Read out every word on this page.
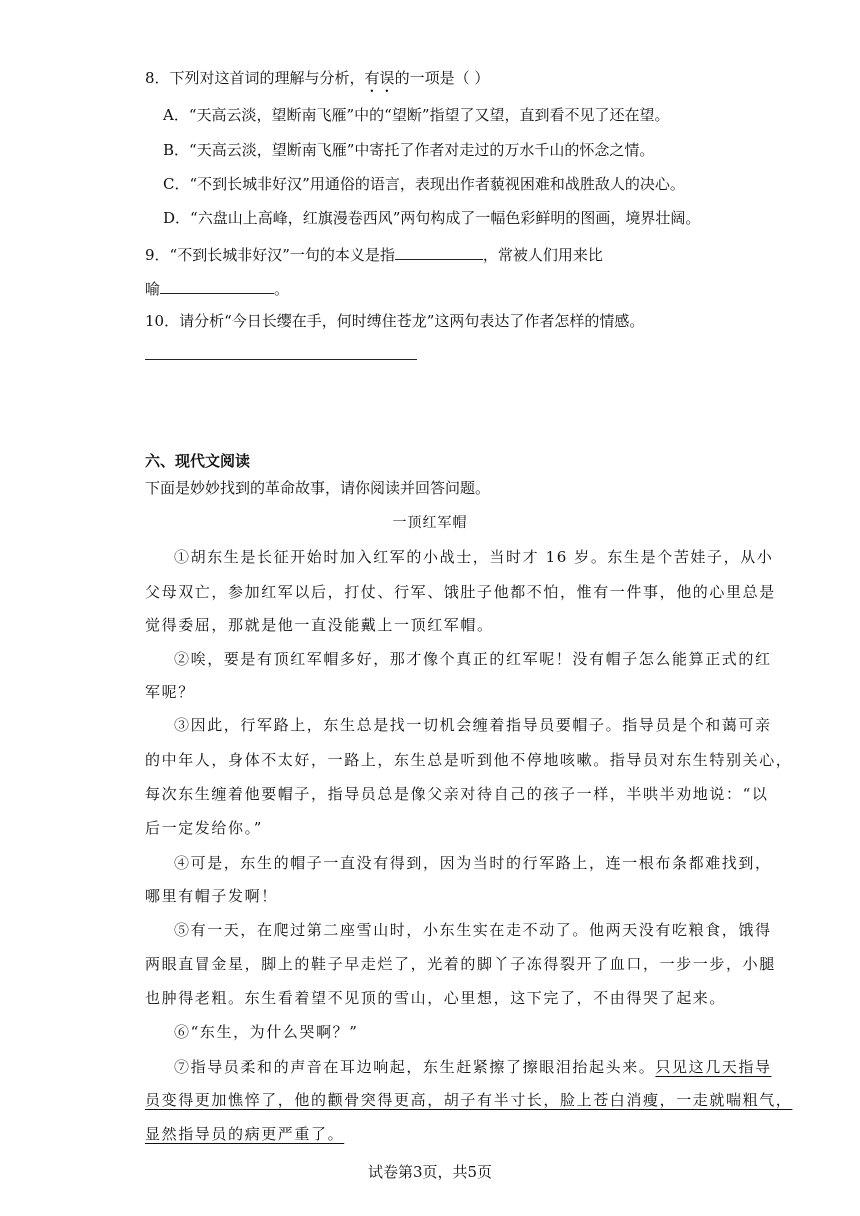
8．下列对这首词的理解与分析，有误的一项是（ ）
A．“天高云淡，望断南飞雁”中的“望断”指望了又望，直到看不见了还在望。
B．“天高云淡，望断南飞雁”中寄托了作者对走过的万水千山的怀念之情。
C．“不到长城非好汉”用通俗的语言，表现出作者藐视困难和战胜敌人的决心。
D．“六盘山上高峰，红旗漫卷西风”两句构成了一幅色彩鲜明的图画，境界壮阔。
9．“不到长城非好汉”一句的本义是指	，常被人们用来比
喻	。
10．请分析“今日长缨在手，何时缚住苍龙”这两句表达了作者怎样的情感。
六、现代文阅读
下面是妙妙找到的革命故事，请你阅读并回答问题。
一顶红军帽
①胡东生是长征开始时加入红军的小战士，当时才 16 岁。东生是个苦娃子，从小
父母双亡，参加红军以后，打仗、行军、饿肚子他都不怕，惟有一件事，他的心里总是
觉得委屈，那就是他一直没能戴上一顶红军帽。
②唉，要是有顶红军帽多好，那才像个真正的红军呢！没有帽子怎么能算正式的红
军呢？
③因此，行军路上，东生总是找一切机会缠着指导员要帽子。指导员是个和蔼可亲
的中年人，身体不太好，一路上，东生总是听到他不停地咳嗽。指导员对东生特别关心，
每次东生缠着他要帽子，指导员总是像父亲对待自己的孩子一样，半哄半劝地说：“以
后一定发给你。”
④可是，东生的帽子一直没有得到，因为当时的行军路上，连一根布条都难找到，
哪里有帽子发啊！
⑤有一天，在爬过第二座雪山时，小东生实在走不动了。他两天没有吃粮食，饿得
两眼直冒金星，脚上的鞋子早走烂了，光着的脚丫子冻得裂开了血口，一步一步，小腿
也肿得老粗。东生看着望不见顶的雪山，心里想，这下完了，不由得哭了起来。
⑥“东生，为什么哭啊？”
⑦指导员柔和的声音在耳边响起，东生赶紧擦了擦眼泪抬起头来。只见这几天指导
员变得更加憔悴了，他的颧骨突得更高，胡子有半寸长，脸上苍白消瘦，一走就喘粗气，
显然指导员的病更严重了。
试卷第3页，共5页
